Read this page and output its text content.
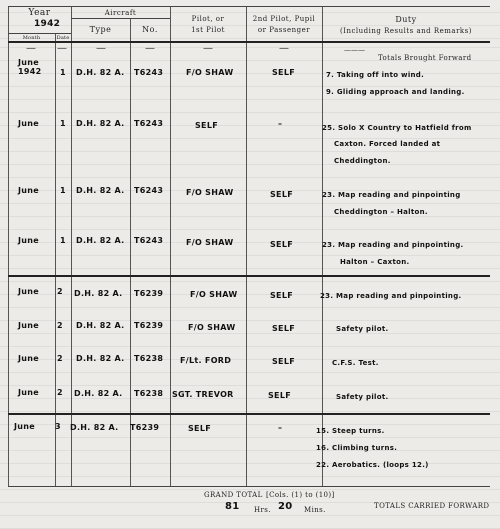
Year
1942
Month	Date
Aircraft
Type	No.
Pilot, or
1st Pilot
2nd Pilot, Pupil
or Passenger
Duty
(Including Results and Remarks)
— —	—	—	—	—	———
Totals Brought Forward
June
1942 1 D.H. 82 A. T6243	F/O SHAW	SELF	7. Taking off into wind.
9. Gliding approach and landing.
June	1 D.H. 82 A. T6243	SELF	–	25. Solo X Country to Hatfield from
Caxton. Forced landed at
Cheddington.
June	1 D.H. 82 A. T6243	F/O SHAW	SELF	23. Map reading and pinpointing
Cheddington – Halton.
June	1 D.H. 82 A. T6243	F/O SHAW	SELF	23. Map reading and pinpointing.
Halton – Caxton.
June 2 D.H. 82 A. T6239	F/O SHAW	SELF	23. Map reading and pinpointing.
June 2 D.H. 82 A. T6239	F/O SHAW	SELF	Safety pilot.
June 2 D.H. 82 A. T6238 F/Lt. FORD	SELF	C.F.S. Test.
June 2 D.H. 82 A. T6238 SGT. TREVOR	SELF	Safety pilot.
June	3 D.H. 82 A. T6239	SELF	–	15. Steep turns.
16. Climbing turns.
22. Aerobatics. (loops 12.)
GRAND TOTAL [Cols. (1) to (10)]
81 Hrs. 20 Mins.	TOTALS CARRIED FORWARD
